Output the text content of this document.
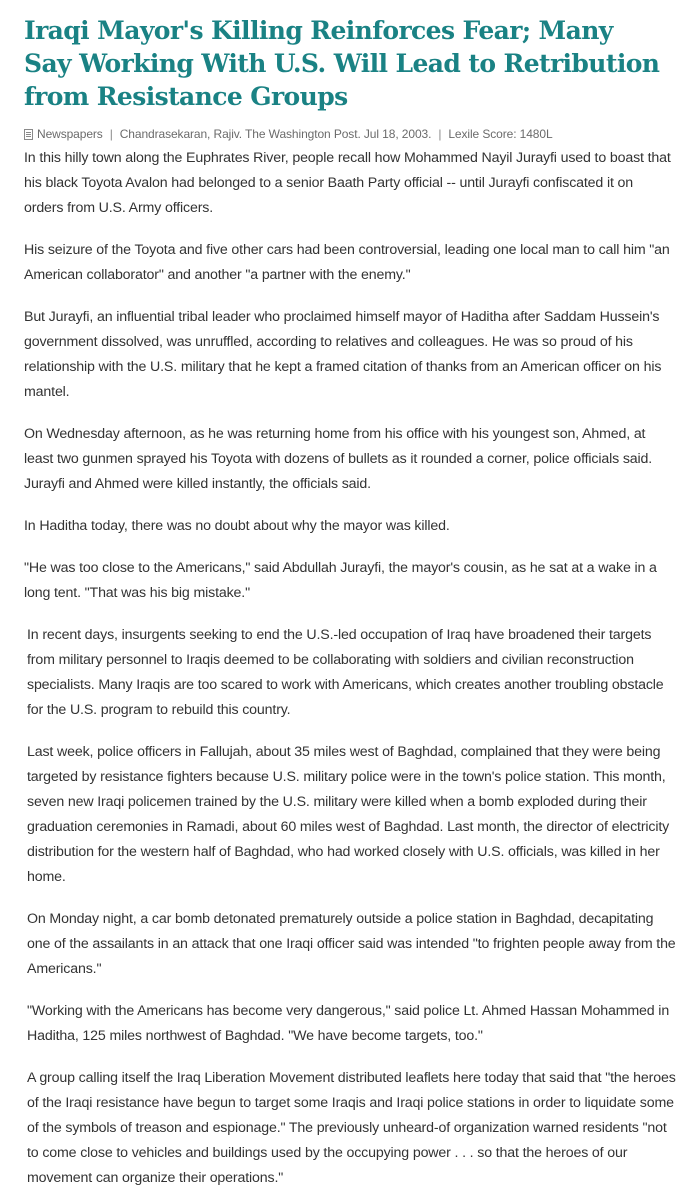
Iraqi Mayor's Killing Reinforces Fear; Many Say Working With U.S. Will Lead to Retribution from Resistance Groups
Newspapers | Chandrasekaran, Rajiv. The Washington Post. Jul 18, 2003. | Lexile Score: 1480L

In this hilly town along the Euphrates River, people recall how Mohammed Nayil Jurayfi used to boast that his black Toyota Avalon had belonged to a senior Baath Party official -- until Jurayfi confiscated it on orders from U.S. Army officers.

His seizure of the Toyota and five other cars had been controversial, leading one local man to call him "an American collaborator" and another "a partner with the enemy."

But Jurayfi, an influential tribal leader who proclaimed himself mayor of Haditha after Saddam Hussein's government dissolved, was unruffled, according to relatives and colleagues. He was so proud of his relationship with the U.S. military that he kept a framed citation of thanks from an American officer on his mantel.

On Wednesday afternoon, as he was returning home from his office with his youngest son, Ahmed, at least two gunmen sprayed his Toyota with dozens of bullets as it rounded a corner, police officials said. Jurayfi and Ahmed were killed instantly, the officials said.

In Haditha today, there was no doubt about why the mayor was killed.

"He was too close to the Americans," said Abdullah Jurayfi, the mayor's cousin, as he sat at a wake in a long tent. "That was his big mistake."

In recent days, insurgents seeking to end the U.S.-led occupation of Iraq have broadened their targets from military personnel to Iraqis deemed to be collaborating with soldiers and civilian reconstruction specialists. Many Iraqis are too scared to work with Americans, which creates another troubling obstacle for the U.S. program to rebuild this country.

Last week, police officers in Fallujah, about 35 miles west of Baghdad, complained that they were being targeted by resistance fighters because U.S. military police were in the town's police station. This month, seven new Iraqi policemen trained by the U.S. military were killed when a bomb exploded during their graduation ceremonies in Ramadi, about 60 miles west of Baghdad. Last month, the director of electricity distribution for the western half of Baghdad, who had worked closely with U.S. officials, was killed in her home.

On Monday night, a car bomb detonated prematurely outside a police station in Baghdad, decapitating one of the assailants in an attack that one Iraqi officer said was intended "to frighten people away from the Americans."

"Working with the Americans has become very dangerous," said police Lt. Ahmed Hassan Mohammed in Haditha, 125 miles northwest of Baghdad. "We have become targets, too."

A group calling itself the Iraq Liberation Movement distributed leaflets here today that said that "the heroes of the Iraqi resistance have begun to target some Iraqis and Iraqi police stations in order to liquidate some of the symbols of treason and espionage." The previously unheard-of organization warned residents "not to come close to vehicles and buildings used by the occupying power . . . so that the heroes of our movement can organize their operations."
